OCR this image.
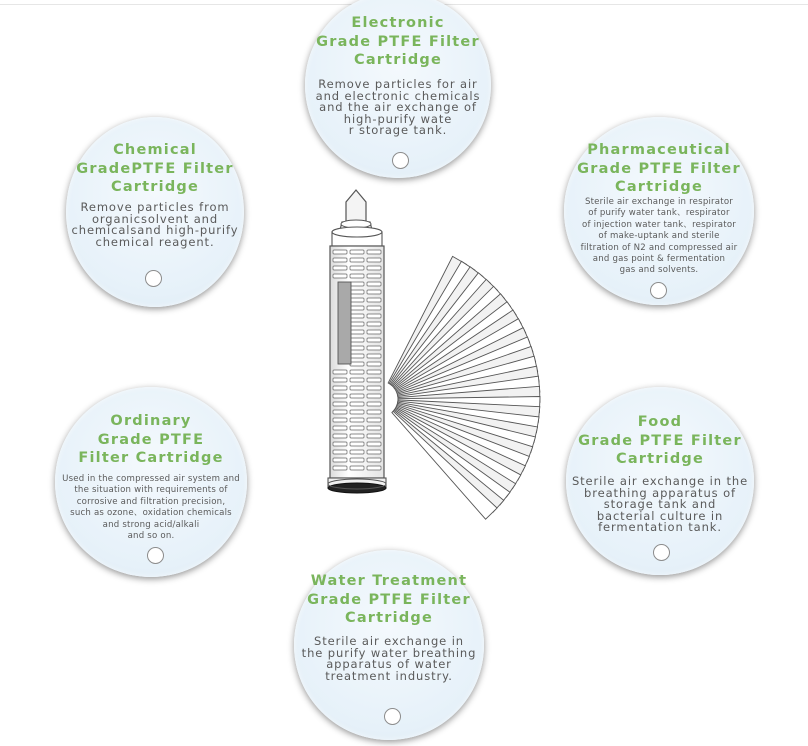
Electronic
Grade PTFE Filter
Cartridge
Remove particles for air
and electronic chemicals
and the air exchange of
high-purify wate
r storage tank.
Chemical
GradePTFE Filter
Cartridge
Remove particles from
organicsolvent and
chemicalsand high-purify
chemical reagent.
Pharmaceutical
Grade PTFE Filter
Cartridge
Sterile air exchange in respirator
of purify water tank、respirator
of injection water tank、respirator
of make-uptank and sterile
filtration of N2 and compressed air
and gas point & fermentation
gas and solvents.
Ordinary
Grade PTFE
Filter Cartridge
Used in the compressed air system and
the situation with requirements of
corrosive and filtration precision,
such as ozone、oxidation chemicals
and strong acid/alkali
and so on.
Food
Grade PTFE Filter
Cartridge
Sterile air exchange in the
breathing apparatus of
storage tank and
bacterial culture in
fermentation tank.
Water Treatment
Grade PTFE Filter
Cartridge
Sterile air exchange in
the purify water breathing
apparatus of water
treatment industry.
